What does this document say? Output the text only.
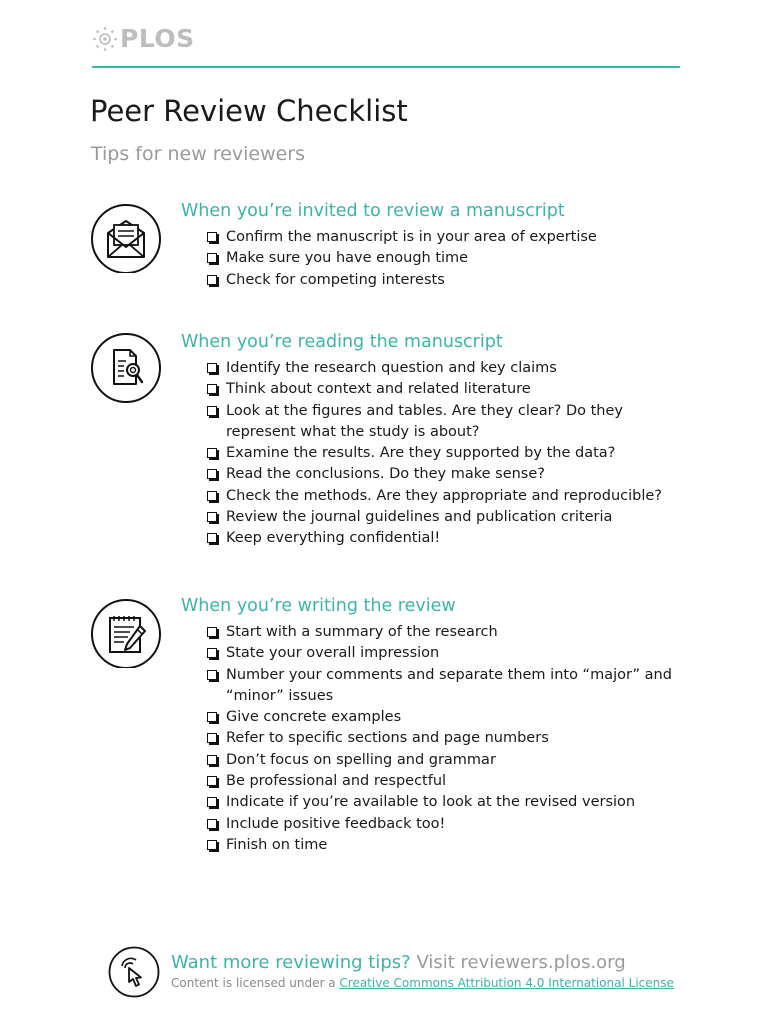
PLOS
Peer Review Checklist

Tips for new reviewers

When you’re invited to review a manuscript
Confirm the manuscript is in your area of expertise
Make sure you have enough time
Check for competing interests
When you’re reading the manuscript
Identify the research question and key claims
Think about context and related literature
Look at the figures and tables. Are they clear? Do they represent what the study is about?
Examine the results. Are they supported by the data?
Read the conclusions. Do they make sense?
Check the methods. Are they appropriate and reproducible?
Review the journal guidelines and publication criteria
Keep everything confidential!
When you’re writing the review
Start with a summary of the research
State your overall impression
Number your comments and separate them into “major” and “minor” issues
Give concrete examples
Refer to specific sections and page numbers
Don’t focus on spelling and grammar
Be professional and respectful
Indicate if you’re available to look at the revised version
Include positive feedback too!
Finish on time

Want more reviewing tips? Visit reviewers.plos.org

Content is licensed under a Creative Commons Attribution 4.0 International License
